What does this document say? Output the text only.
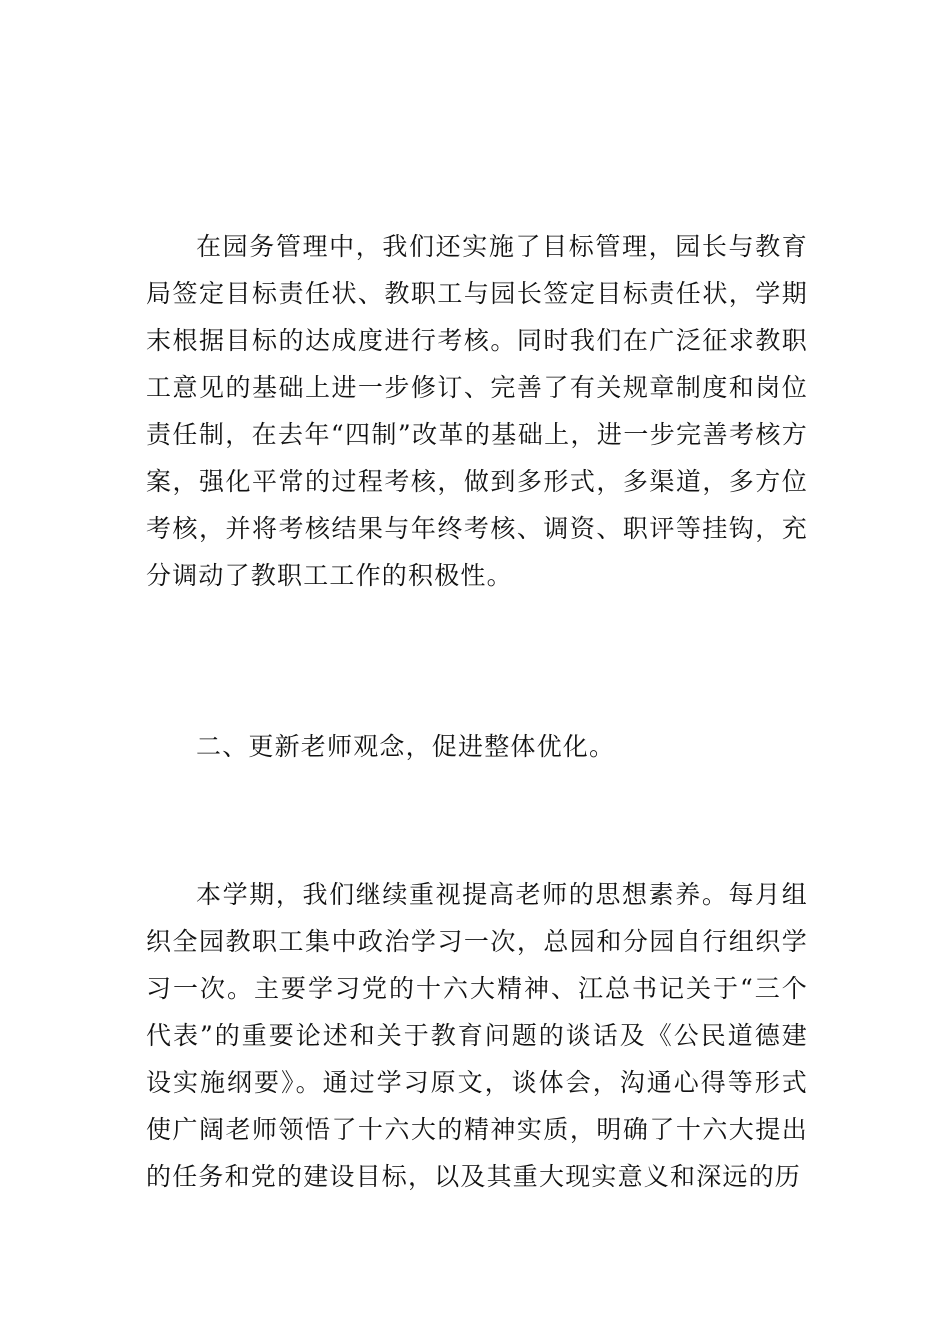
在园务管理中，我们还实施了目标管理，园长与教育局签定目标责任状、教职工与园长签定目标责任状，学期末根据目标的达成度进行考核。同时我们在广泛征求教职工意见的基础上进一步修订、完善了有关规章制度和岗位责任制，在去年“四制”改革的基础上，进一步完善考核方案，强化平常的过程考核，做到多形式，多渠道，多方位考核，并将考核结果与年终考核、调资、职评等挂钩，充分调动了教职工工作的积极性。

二、更新老师观念，促进整体优化。

本学期，我们继续重视提高老师的思想素养。每月组织全园教职工集中政治学习一次，总园和分园自行组织学习一次。主要学习党的十六大精神、江总书记关于“三个代表”的重要论述和关于教育问题的谈话及《公民道德建设实施纲要》。通过学习原文，谈体会，沟通心得等形式使广阔老师领悟了十六大的精神实质，明确了十六大提出的任务和党的建设目标，以及其重大现实意义和深远的历
